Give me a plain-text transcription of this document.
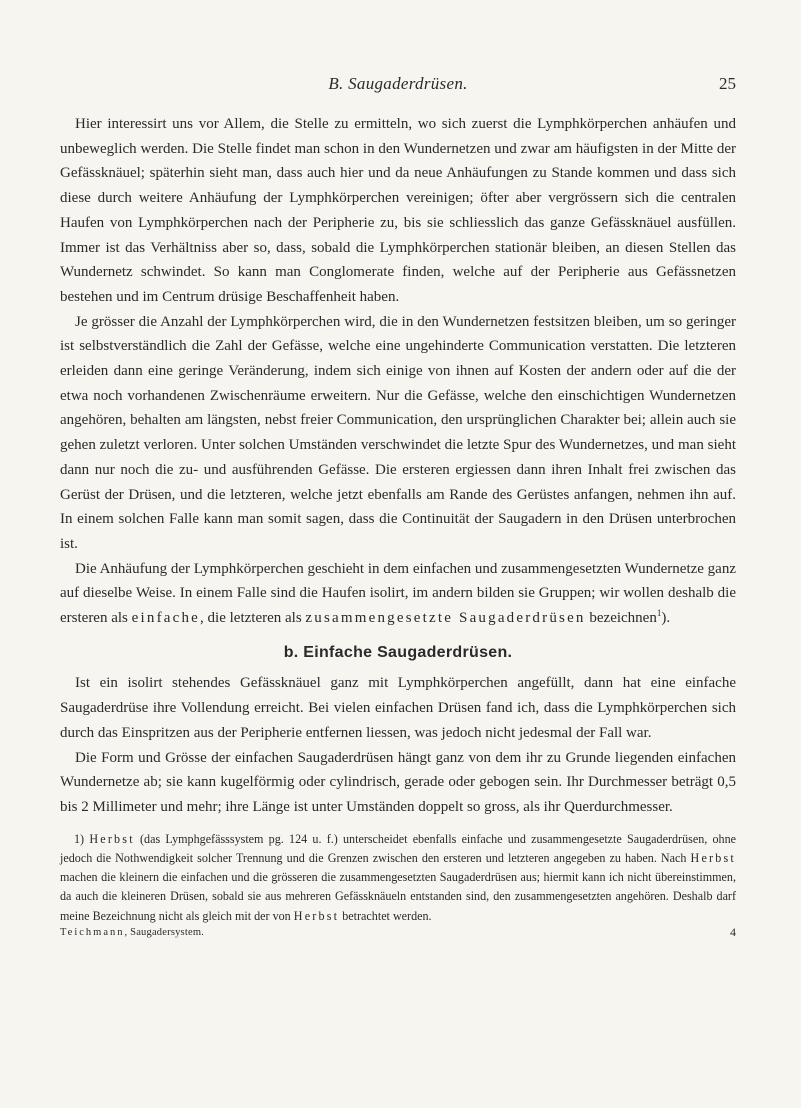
B. Saugaderdrüsen.	25

Hier interessirt uns vor Allem, die Stelle zu ermitteln, wo sich zuerst die Lymphkörperchen anhäufen und unbeweglich werden. Die Stelle findet man schon in den Wundernetzen und zwar am häufigsten in der Mitte der Gefässknäuel; späterhin sieht man, dass auch hier und da neue Anhäufungen zu Stande kommen und dass sich diese durch weitere Anhäufung der Lymphkörperchen vereinigen; öfter aber vergrössern sich die centralen Haufen von Lymphkörperchen nach der Peripherie zu, bis sie schliesslich das ganze Gefässknäuel ausfüllen. Immer ist das Verhältniss aber so, dass, sobald die Lymphkörperchen stationär bleiben, an diesen Stellen das Wundernetz schwindet. So kann man Conglomerate finden, welche auf der Peripherie aus Gefässnetzen bestehen und im Centrum drüsige Beschaffenheit haben.

Je grösser die Anzahl der Lymphkörperchen wird, die in den Wundernetzen festsitzen bleiben, um so geringer ist selbstverständlich die Zahl der Gefässe, welche eine ungehinderte Communication verstatten. Die letzteren erleiden dann eine geringe Veränderung, indem sich einige von ihnen auf Kosten der andern oder auf die der etwa noch vorhandenen Zwischenräume erweitern. Nur die Gefässe, welche den einschichtigen Wundernetzen angehören, behalten am längsten, nebst freier Communication, den ursprünglichen Charakter bei; allein auch sie gehen zuletzt verloren. Unter solchen Umständen verschwindet die letzte Spur des Wundernetzes, und man sieht dann nur noch die zu- und ausführenden Gefässe. Die ersteren ergiessen dann ihren Inhalt frei zwischen das Gerüst der Drüsen, und die letzteren, welche jetzt ebenfalls am Rande des Gerüstes anfangen, nehmen ihn auf. In einem solchen Falle kann man somit sagen, dass die Continuität der Saugadern in den Drüsen unterbrochen ist.

Die Anhäufung der Lymphkörperchen geschieht in dem einfachen und zusammengesetzten Wundernetze ganz auf dieselbe Weise. In einem Falle sind die Haufen isolirt, im andern bilden sie Gruppen; wir wollen deshalb die ersteren als einfache, die letzteren als zusammengesetzte Saugaderdrüsen bezeichnen$^1$).

b. Einfache Saugaderdrüsen.

Ist ein isolirt stehendes Gefässknäuel ganz mit Lymphkörperchen angefüllt, dann hat eine einfache Saugaderdrüse ihre Vollendung erreicht. Bei vielen einfachen Drüsen fand ich, dass die Lymphkörperchen sich durch das Einspritzen aus der Peripherie entfernen liessen, was jedoch nicht jedesmal der Fall war.

Die Form und Grösse der einfachen Saugaderdrüsen hängt ganz von dem ihr zu Grunde liegenden einfachen Wundernetze ab; sie kann kugelförmig oder cylindrisch, gerade oder gebogen sein. Ihr Durchmesser beträgt 0,5 bis 2 Millimeter und mehr; ihre Länge ist unter Umständen doppelt so gross, als ihr Querdurchmesser.

1) Herbst (das Lymphgefässsystem pg. 124 u. f.) unterscheidet ebenfalls einfache und zusammengesetzte Saugaderdrüsen, ohne jedoch die Nothwendigkeit solcher Trennung und die Grenzen zwischen den ersteren und letzteren angegeben zu haben. Nach Herbst machen die kleinern die einfachen und die grösseren die zusammengesetzten Saugaderdrüsen aus; hiermit kann ich nicht übereinstimmen, da auch die kleineren Drüsen, sobald sie aus mehreren Gefässknäueln entstanden sind, den zusammengesetzten angehören. Deshalb darf meine Bezeichnung nicht als gleich mit der von Herbst betrachtet werden.

Teichmann, Saugadersystem.	4
